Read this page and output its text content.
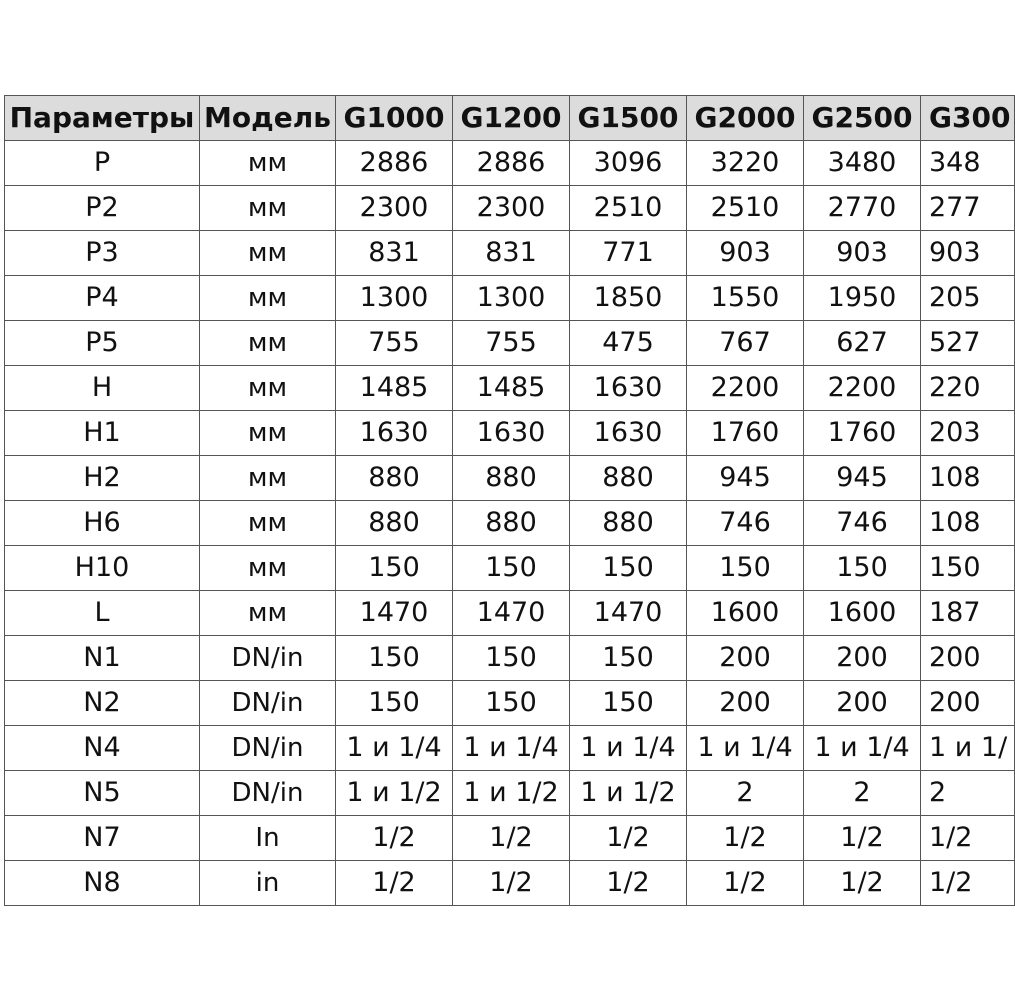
Параметры	Модель	G1000	G1200	G1500	G2000	G2500	G300
P	мм	2886	2886	3096	3220	3480	348
P2	мм	2300	2300	2510	2510	2770	277
P3	мм	831	831	771	903	903	903
P4	мм	1300	1300	1850	1550	1950	205
P5	мм	755	755	475	767	627	527
H	мм	1485	1485	1630	2200	2200	220
H1	мм	1630	1630	1630	1760	1760	203
H2	мм	880	880	880	945	945	108
H6	мм	880	880	880	746	746	108
H10	мм	150	150	150	150	150	150
L	мм	1470	1470	1470	1600	1600	187
N1	DN/in	150	150	150	200	200	200
N2	DN/in	150	150	150	200	200	200
N4	DN/in	1 и 1/4	1 и 1/4	1 и 1/4	1 и 1/4	1 и 1/4	1 и 1/
N5	DN/in	1 и 1/2	1 и 1/2	1 и 1/2	2	2	2
N7	In	1/2	1/2	1/2	1/2	1/2	1/2
N8	in	1/2	1/2	1/2	1/2	1/2	1/2
